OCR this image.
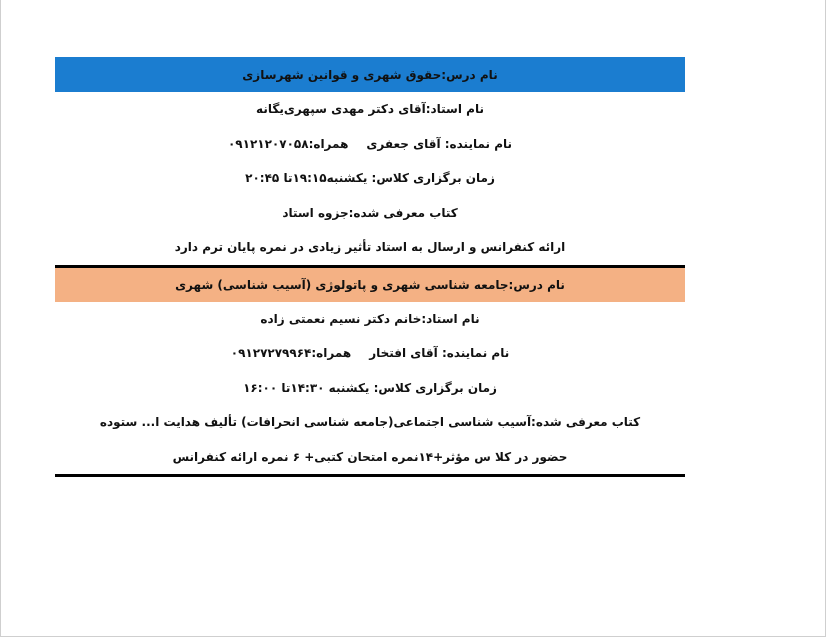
نام درس:حقوق شهری و قوانین شهرسازی
نام استاد:آقای دکتر مهدی سپهری‌یگانه
نام نماینده: آقای جعفری
همراه:۰۹۱۲۱۲۰۷۰۵۸
زمان برگزاری کلاس: یکشنبه۱۹:۱۵تا ۲۰:۴۵
کتاب معرفی شده:جزوه استاد
ارائه کنفرانس و ارسال به استاد تأثیر زیادی در نمره پایان ترم دارد
نام درس:جامعه شناسی شهری و پاتولوژی (آسیب شناسی) شهری
نام استاد:خانم دکتر نسیم نعمتی زاده
نام نماینده: آقای افتخار
همراه:۰۹۱۲۷۲۷۹۹۶۴
زمان برگزاری کلاس: یکشنبه ۱۴:۳۰تا ۱۶:۰۰
کتاب معرفی شده:آسیب شناسی اجتماعی(جامعه شناسی انحرافات) تألیف هدایت ا... ستوده
حضور در کلا س مؤثر+۱۴نمره امتحان کتبی+ ۶ نمره ارائه کنفرانس
